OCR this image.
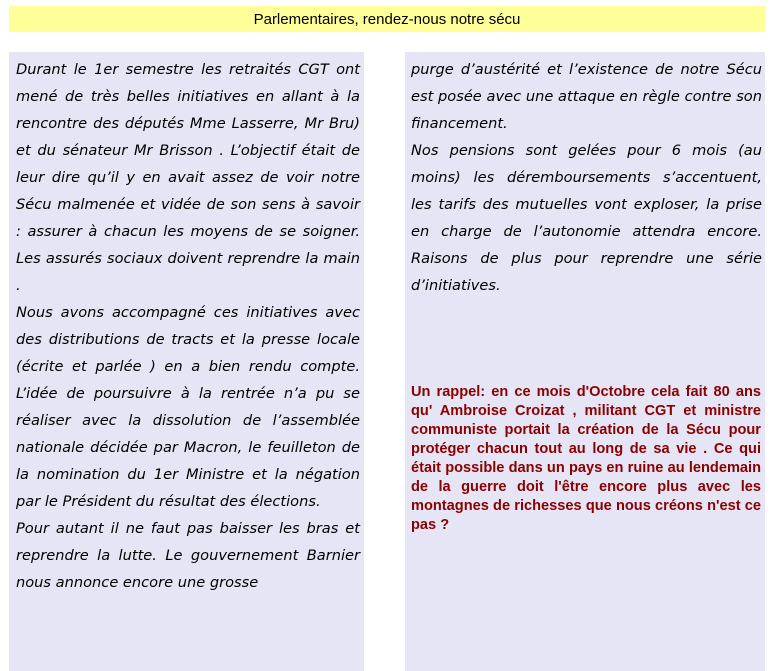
Parlementaires, rendez-nous notre sécu

Durant le 1er semestre les retraités CGT ont mené de très belles initiatives en allant à la rencontre des députés Mme Lasserre, Mr Bru) et du sénateur Mr Brisson . L’objectif était de leur dire qu’il y en avait assez de voir notre Sécu malmenée et vidée de son sens à savoir : assurer à chacun les moyens de se soigner. Les assurés sociaux doivent reprendre la main .

Nous avons accompagné ces initiatives avec des distributions de tracts et la presse locale (écrite et parlée ) en a bien rendu compte. L’idée de poursuivre à la rentrée n’a pu se réaliser avec la dissolution de l’assemblée nationale décidée par Macron, le feuilleton de la nomination du 1er Ministre et la négation par le Président du résultat des élections.

Pour autant il ne faut pas baisser les bras et reprendre la lutte. Le gouvernement Barnier nous annonce encore une grosse

purge d’austérité et l’existence de notre Sécu est posée avec une attaque en règle contre son financement.

Nos pensions sont gelées pour 6 mois (au moins) les déremboursements s’accentuent, les tarifs des mutuelles vont exploser, la prise en charge de l’autonomie attendra encore. Raisons de plus pour reprendre une série d’initiatives.

Un rappel: en ce mois d'Octobre cela fait 80 ans qu' Ambroise Croizat , militant CGT et ministre communiste portait la création de la Sécu pour protéger chacun tout au long de sa vie . Ce qui était possible dans un pays en ruine au lendemain de la guerre doit l'être encore plus avec les montagnes de richesses que nous créons n'est ce pas ?
